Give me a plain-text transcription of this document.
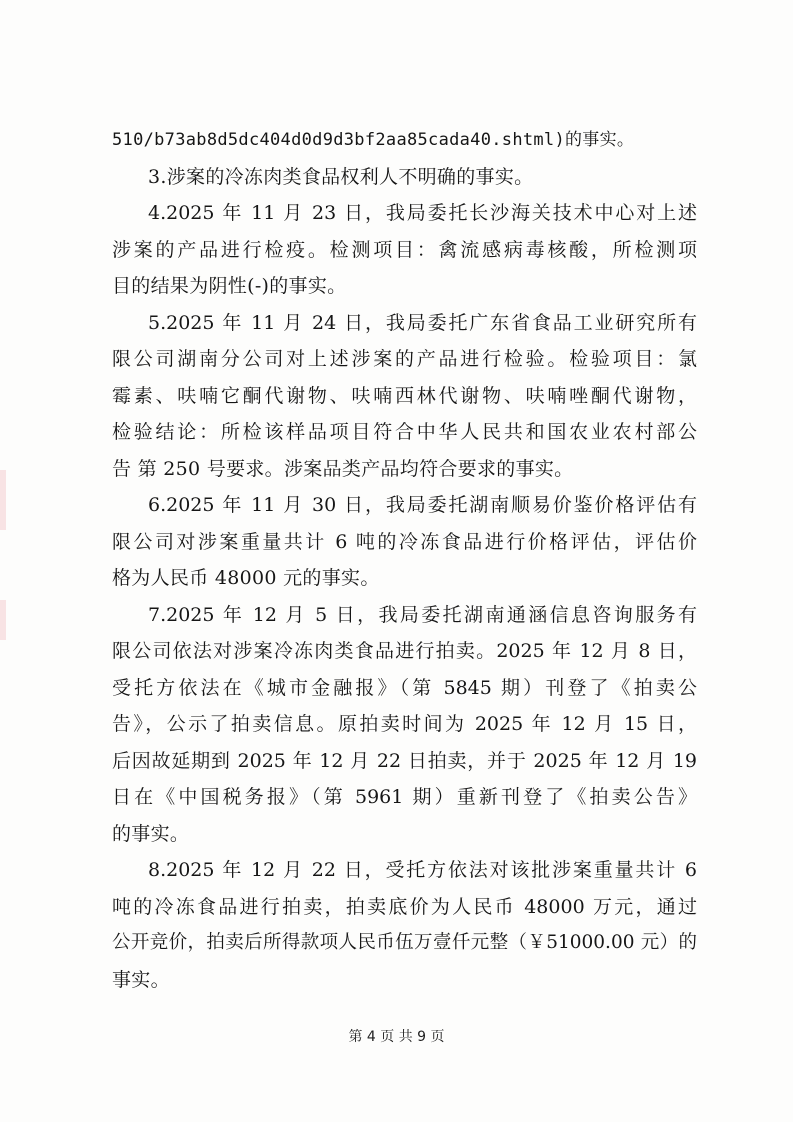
510/b73ab8d5dc404d0d9d3bf2aa85cada40.shtml)的事实。
3.涉案的冷冻肉类食品权利人不明确的事实。
4.2025 年 11 月 23 日，我局委托长沙海关技术中心对上述
涉案的产品进行检疫。检测项目：禽流感病毒核酸，所检测项
目的结果为阴性(-)的事实。
5.2025 年 11 月 24 日，我局委托广东省食品工业研究所有
限公司湖南分公司对上述涉案的产品进行检验。检验项目：氯
霉素、呋喃它酮代谢物、呋喃西林代谢物、呋喃唑酮代谢物，
检验结论：所检该样品项目符合中华人民共和国农业农村部公
告 第 250 号要求。涉案品类产品均符合要求的事实。
6.2025 年 11 月 30 日，我局委托湖南顺易价鉴价格评估有
限公司对涉案重量共计 6 吨的冷冻食品进行价格评估，评估价
格为人民币 48000 元的事实。
7.2025 年 12 月 5 日，我局委托湖南通涵信息咨询服务有
限公司依法对涉案冷冻肉类食品进行拍卖。2025 年 12 月 8 日，
受托方依法在《城市金融报》（第 5845 期）刊登了《拍卖公
告》，公示了拍卖信息。原拍卖时间为 2025 年 12 月 15 日，
后因故延期到 2025 年 12 月 22 日拍卖，并于 2025 年 12 月 19
日在《中国税务报》（第 5961 期）重新刊登了《拍卖公告》
的事实。
8.2025 年 12 月 22 日，受托方依法对该批涉案重量共计 6
吨的冷冻食品进行拍卖，拍卖底价为人民币 48000 万元，通过
公开竞价，拍卖后所得款项人民币伍万壹仟元整（￥51000.00 元）的
事实。
第 4 页 共 9 页
